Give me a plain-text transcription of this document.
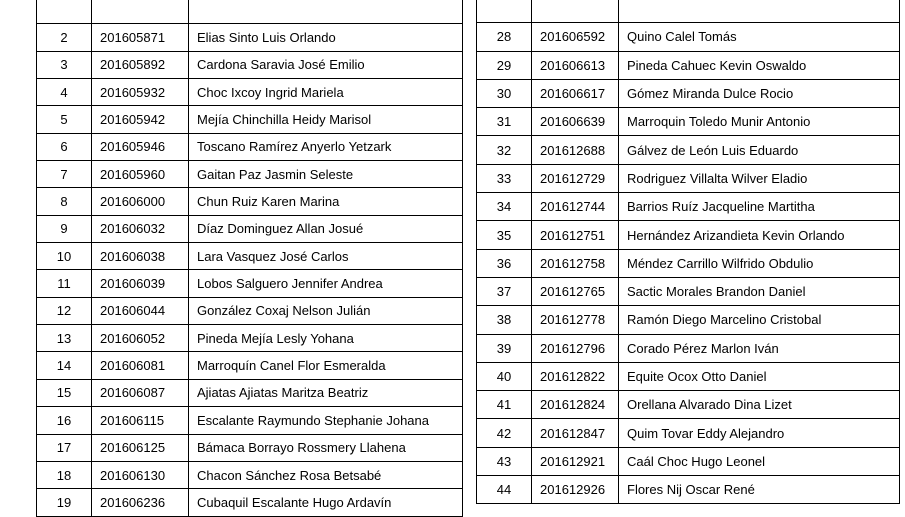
2	201605871	Elias Sinto Luis Orlando
3	201605892	Cardona Saravia José Emilio
4	201605932	Choc Ixcoy Ingrid Mariela
5	201605942	Mejía Chinchilla Heidy Marisol
6	201605946	Toscano Ramírez Anyerlo Yetzark
7	201605960	Gaitan Paz Jasmin Seleste
8	201606000	Chun Ruiz Karen Marina
9	201606032	Díaz Dominguez Allan Josué
10	201606038	Lara Vasquez José Carlos
11	201606039	Lobos Salguero Jennifer Andrea
12	201606044	González Coxaj Nelson Julián
13	201606052	Pineda Mejía Lesly Yohana
14	201606081	Marroquín Canel Flor Esmeralda
15	201606087	Ajiatas Ajiatas Maritza Beatriz
16	201606115	Escalante Raymundo Stephanie Johana
17	201606125	Bámaca Borrayo Rossmery Llahena
18	201606130	Chacon Sánchez Rosa Betsabé
19	201606236	Cubaquil Escalante Hugo Ardavín

28	201606592	Quino Calel Tomás
29	201606613	Pineda Cahuec Kevin Oswaldo
30	201606617	Gómez Miranda Dulce Rocio
31	201606639	Marroquin Toledo Munir Antonio
32	201612688	Gálvez de León Luis Eduardo
33	201612729	Rodriguez Villalta Wilver Eladio
34	201612744	Barrios Ruíz Jacqueline Martitha
35	201612751	Hernández Arizandieta Kevin Orlando
36	201612758	Méndez Carrillo Wilfrido Obdulio
37	201612765	Sactic Morales Brandon Daniel
38	201612778	Ramón Diego Marcelino Cristobal
39	201612796	Corado Pérez Marlon Iván
40	201612822	Equite Ocox Otto Daniel
41	201612824	Orellana Alvarado Dina Lizet
42	201612847	Quim Tovar Eddy Alejandro
43	201612921	Caál Choc Hugo Leonel
44	201612926	Flores Nij Oscar René
